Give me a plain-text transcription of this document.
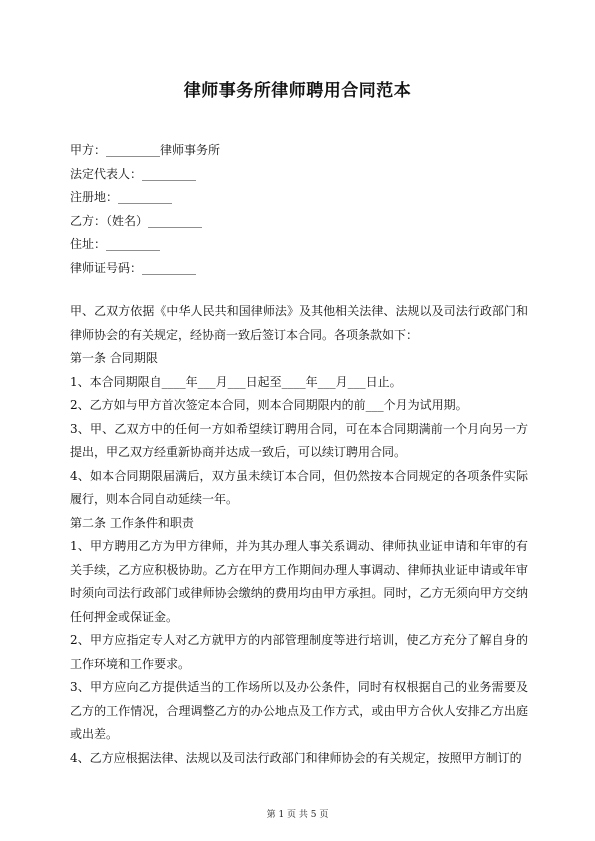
律师事务所律师聘用合同范本
甲方：_________律师事务所
法定代表人：_________
注册地：_________
乙方：（姓名）_________
住址：_________
律师证号码：_________

甲、乙双方依据《中华人民共和国律师法》及其他相关法律、法规以及司法行政部门和律师协会的有关规定，经协商一致后签订本合同。各项条款如下：

第一条 合同期限

1、本合同期限自____年___月___日起至____年___月___日止。

2、乙方如与甲方首次签定本合同，则本合同期限内的前___个月为试用期。

3、甲、乙双方中的任何一方如希望续订聘用合同，可在本合同期满前一个月向另一方提出，甲乙双方经重新协商并达成一致后，可以续订聘用合同。

4、如本合同期限届满后，双方虽未续订本合同，但仍然按本合同规定的各项条件实际履行，则本合同自动延续一年。

第二条 工作条件和职责

1、甲方聘用乙方为甲方律师，并为其办理人事关系调动、律师执业证申请和年审的有关手续，乙方应积极协助。乙方在甲方工作期间办理人事调动、律师执业证申请或年审时须向司法行政部门或律师协会缴纳的费用均由甲方承担。同时，乙方无须向甲方交纳任何押金或保证金。

2、甲方应指定专人对乙方就甲方的内部管理制度等进行培训，使乙方充分了解自身的工作环境和工作要求。

3、甲方应向乙方提供适当的工作场所以及办公条件，同时有权根据自己的业务需要及乙方的工作情况，合理调整乙方的办公地点及工作方式，或由甲方合伙人安排乙方出庭或出差。

4、乙方应根据法律、法规以及司法行政部门和律师协会的有关规定，按照甲方制订的

第 1 页 共 5 页
